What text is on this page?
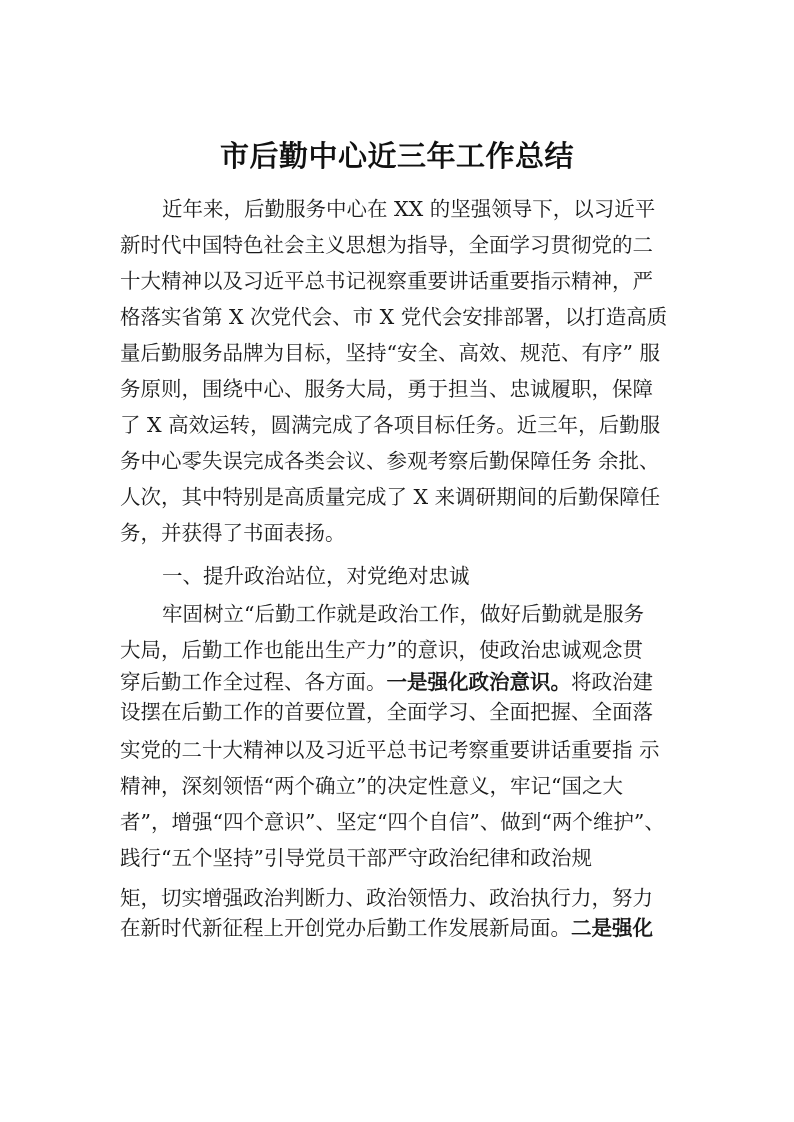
市后勤中心近三年工作总结
近年来，后勤服务中心在 XX 的坚强领导下，以习近平
新时代中国特色社会主义思想为指导，全面学习贯彻党的二
十大精神以及习近平总书记视察重要讲话重要指示精神，严
格落实省第 X 次党代会、市 X 党代会安排部署，以打造高质
量后勤服务品牌为目标，坚持“安全、高效、规范、有序” 服
务原则，围绕中心、服务大局，勇于担当、忠诚履职，保障
了 X 高效运转，圆满完成了各项目标任务。近三年，后勤服
务中心零失误完成各类会议、参观考察后勤保障任务 余批、
人次，其中特别是高质量完成了 X 来调研期间的后勤保障任
务，并获得了书面表扬。
一、提升政治站位，对党绝对忠诚
牢固树立“后勤工作就是政治工作，做好后勤就是服务
大局，后勤工作也能出生产力”的意识，使政治忠诚观念贯
穿后勤工作全过程、各方面。一是强化政治意识。将政治建
设摆在后勤工作的首要位置，全面学习、全面把握、全面落
实党的二十大精神以及习近平总书记考察重要讲话重要指 示
精神，深刻领悟“两个确立”的决定性意义，牢记“国之大
者”，增强“四个意识”、坚定“四个自信”、做到“两个维护”、
践行“五个坚持”引导党员干部严守政治纪律和政治规
矩，切实增强政治判断力、政治领悟力、政治执行力，努力
在新时代新征程上开创党办后勤工作发展新局面。二是强化
